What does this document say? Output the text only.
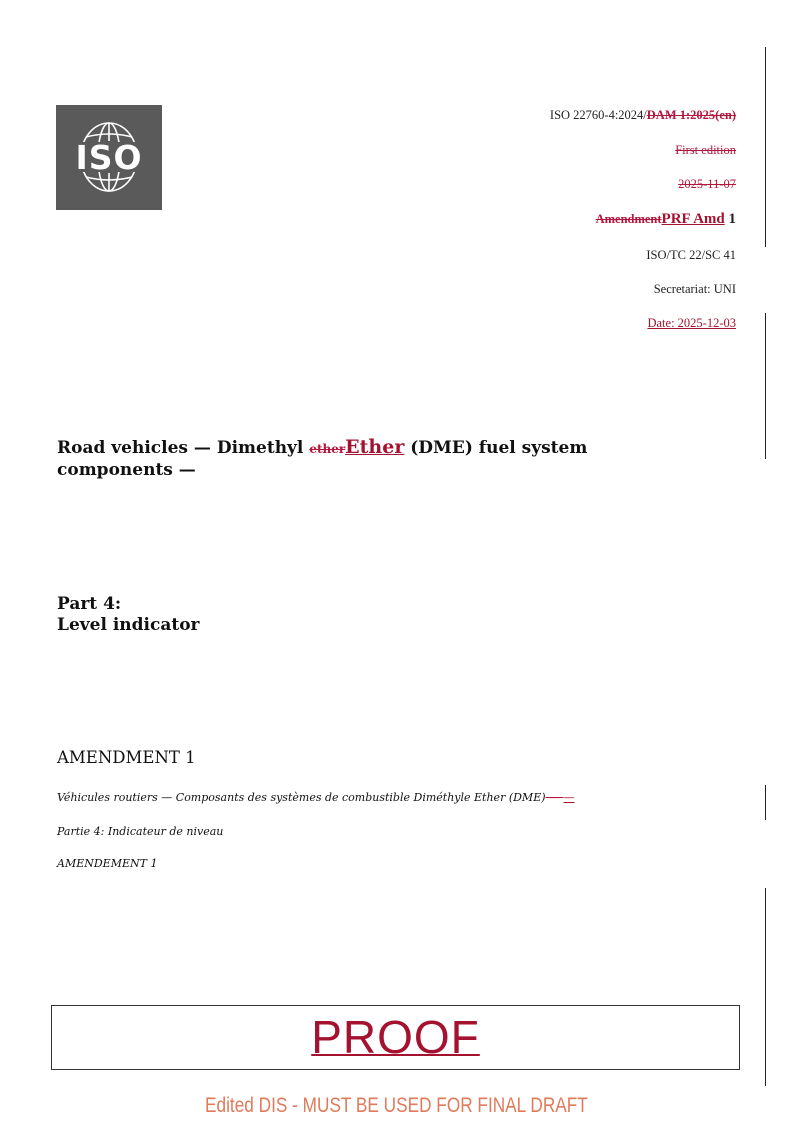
ISO
ISO 22760-4:2024/DAM 1:2025(en)
First edition
2025-11-07
AmendmentPRF Amd 1
ISO/TC 22/SC 41
Secretariat: UNI
Date: 2025-12-03
Road vehicles — Dimethyl etherEther (DME) fuel system
components —
Part 4:
Level indicator
AMENDMENT 1
Véhicules routiers — Composants des systèmes de combustible Diméthyle Ether (DME) — —
Partie 4: Indicateur de niveau
AMENDEMENT 1
PROOF
Edited DIS - MUST BE USED FOR FINAL DRAFT
